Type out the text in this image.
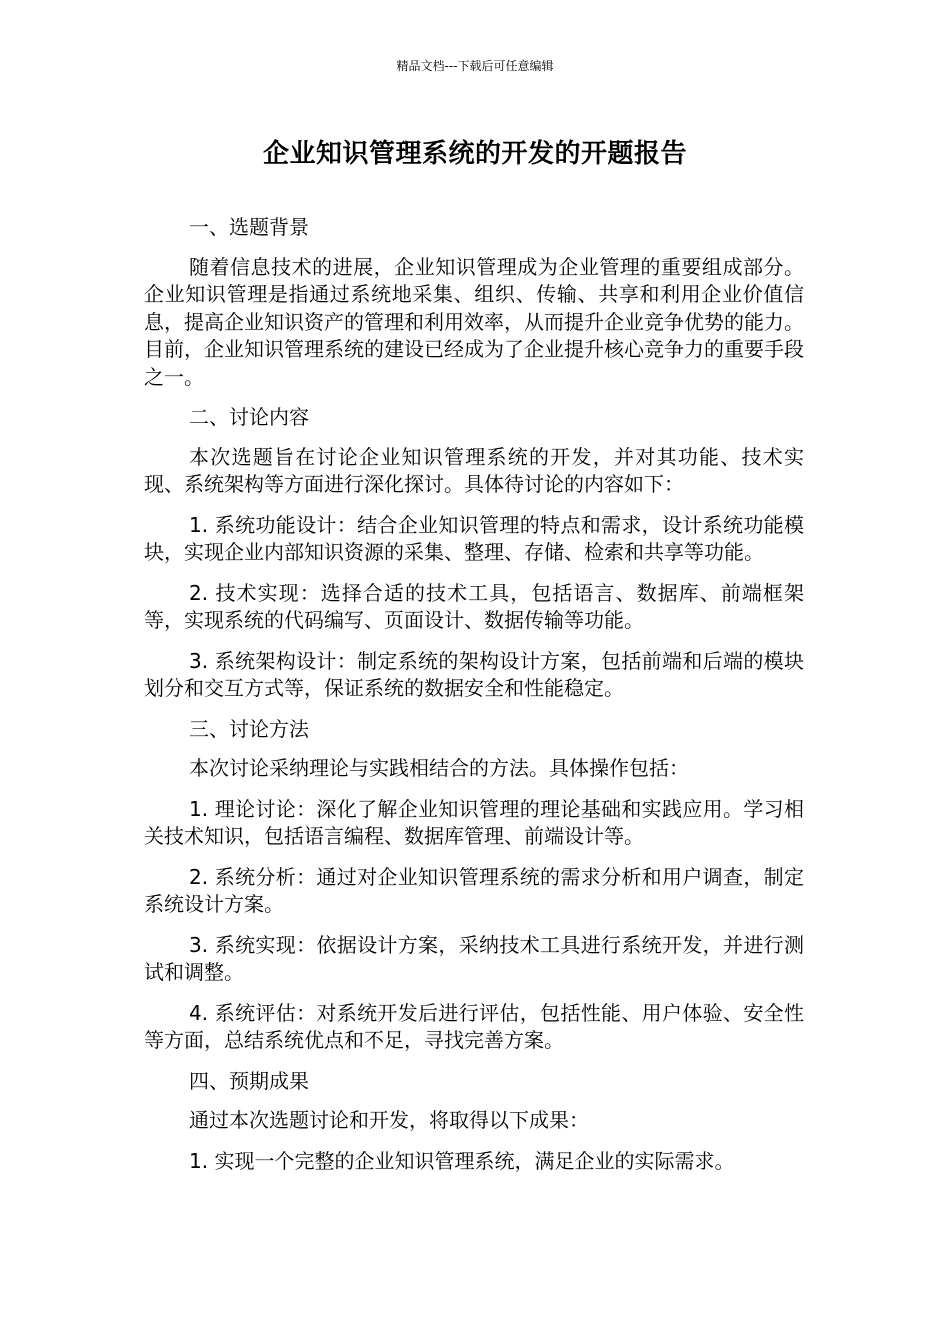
精品文档---下载后可任意编辑
企业知识管理系统的开发的开题报告

一、选题背景

随着信息技术的进展，企业知识管理成为企业管理的重要组成部分。企业知识管理是指通过系统地采集、组织、传输、共享和利用企业价值信息，提高企业知识资产的管理和利用效率，从而提升企业竞争优势的能力。目前，企业知识管理系统的建设已经成为了企业提升核心竞争力的重要手段之一。

二、讨论内容

本次选题旨在讨论企业知识管理系统的开发，并对其功能、技术实现、系统架构等方面进行深化探讨。具体待讨论的内容如下：

1. 系统功能设计：结合企业知识管理的特点和需求，设计系统功能模块，实现企业内部知识资源的采集、整理、存储、检索和共享等功能。

2. 技术实现：选择合适的技术工具，包括语言、数据库、前端框架等，实现系统的代码编写、页面设计、数据传输等功能。

3. 系统架构设计：制定系统的架构设计方案，包括前端和后端的模块划分和交互方式等，保证系统的数据安全和性能稳定。

三、讨论方法

本次讨论采纳理论与实践相结合的方法。具体操作包括：

1. 理论讨论：深化了解企业知识管理的理论基础和实践应用。学习相关技术知识，包括语言编程、数据库管理、前端设计等。

2. 系统分析：通过对企业知识管理系统的需求分析和用户调查，制定系统设计方案。

3. 系统实现：依据设计方案，采纳技术工具进行系统开发，并进行测试和调整。

4. 系统评估：对系统开发后进行评估，包括性能、用户体验、安全性等方面，总结系统优点和不足，寻找完善方案。

四、预期成果

通过本次选题讨论和开发，将取得以下成果：

1. 实现一个完整的企业知识管理系统，满足企业的实际需求。
